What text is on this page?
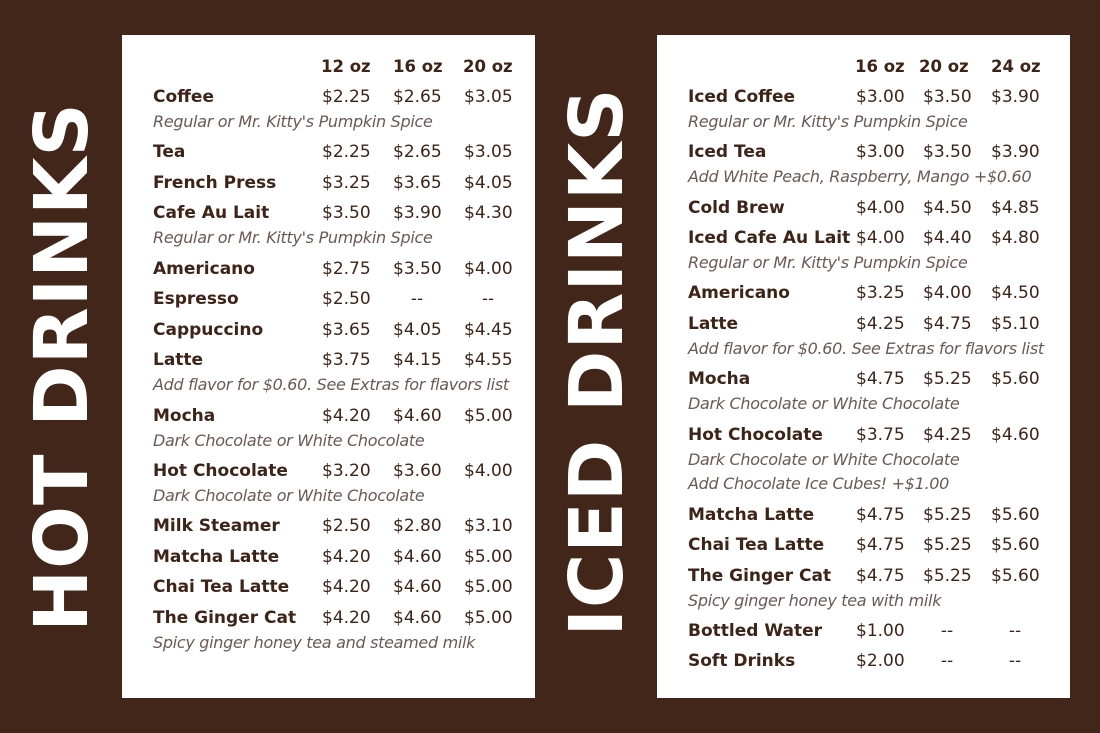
HOT DRINKS	ICED DRINKS
12 oz 16 oz 20 oz
Coffee	$2.25 $2.65 $3.05
Regular or Mr. Kitty's Pumpkin Spice
Tea	$2.25 $2.65 $3.05
French Press	$3.25 $3.65 $4.05
Cafe Au Lait	$3.50 $3.90 $4.30
Regular or Mr. Kitty's Pumpkin Spice
Americano	$2.75 $3.50 $4.00
Espresso	$2.50	--	--
Cappuccino	$3.65 $4.05 $4.45
Latte	$3.75 $4.15 $4.55
Add flavor for $0.60. See Extras for flavors list
Mocha	$4.20 $4.60 $5.00
Dark Chocolate or White Chocolate
Hot Chocolate $3.20 $3.60 $4.00
Dark Chocolate or White Chocolate
Milk Steamer $2.50 $2.80 $3.10
Matcha Latte	$4.20 $4.60 $5.00
Chai Tea Latte $4.20 $4.60 $5.00
The Ginger Cat $4.20 $4.60 $5.00
Spicy ginger honey tea and steamed milk
16 oz 20 oz 24 oz
Iced Coffee	$3.00 $3.50 $3.90
Regular or Mr. Kitty's Pumpkin Spice
Iced Tea	$3.00 $3.50 $3.90
Add White Peach, Raspberry, Mango +$0.60
Cold Brew	$4.00 $4.50 $4.85
Iced Cafe Au Lait $4.00 $4.40 $4.80
Regular or Mr. Kitty's Pumpkin Spice
Americano	$3.25 $4.00 $4.50
Latte	$4.25 $4.75 $5.10
Add flavor for $0.60. See Extras for flavors list
Mocha	$4.75 $5.25 $5.60
Dark Chocolate or White Chocolate
Hot Chocolate $3.75 $4.25 $4.60
Dark Chocolate or White Chocolate
Add Chocolate Ice Cubes! +$1.00
Matcha Latte $4.75 $5.25 $5.60
Chai Tea Latte $4.75 $5.25 $5.60
The Ginger Cat $4.75 $5.25 $5.60
Spicy ginger honey tea with milk
Bottled Water $1.00	--	--
Soft Drinks	$2.00	--	--
